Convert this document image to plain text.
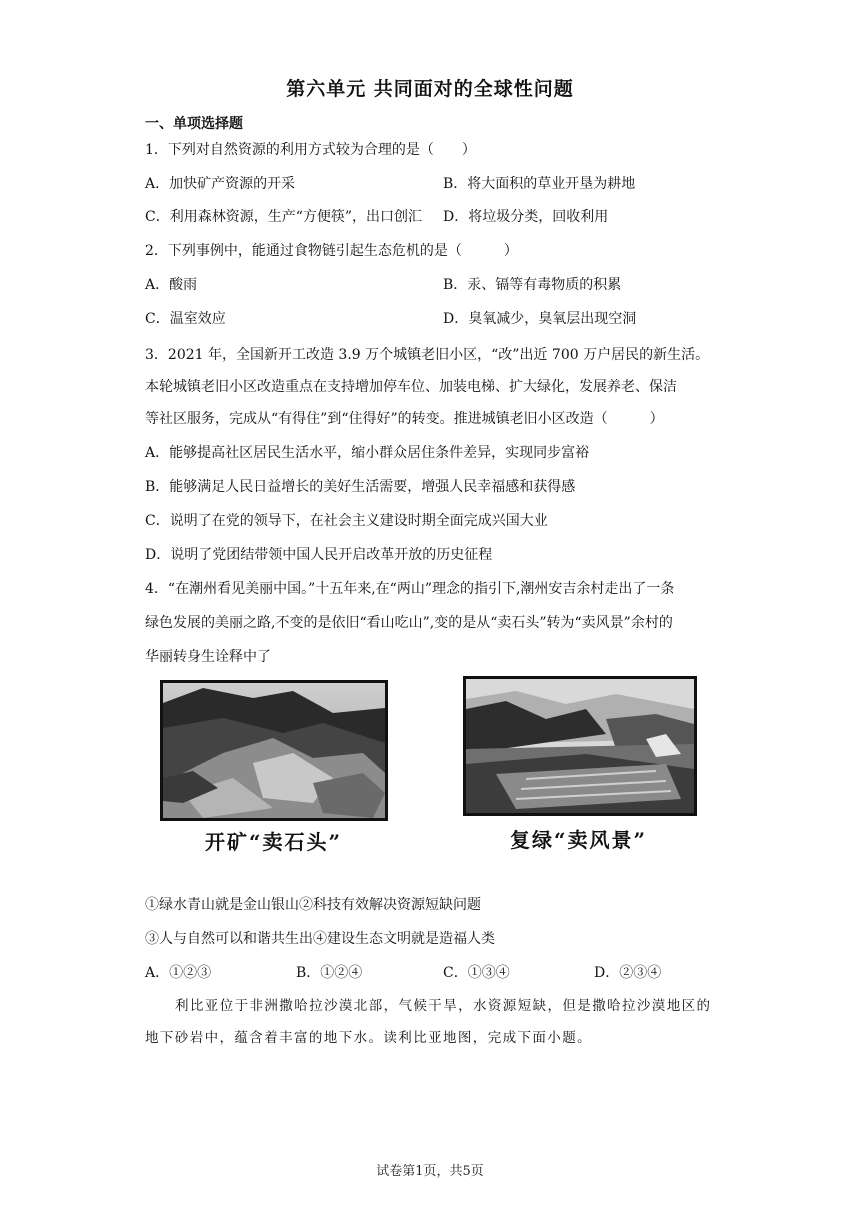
第六单元 共同面对的全球性问题
一、单项选择题
1．下列对自然资源的利用方式较为合理的是（　　）
A．加快矿产资源的开采	B．将大面积的草业开垦为耕地
C．利用森林资源，生产“方便筷”，出口创汇 D．将垃圾分类，回收利用
2．下列事例中，能通过食物链引起生态危机的是（　　　）
A．酸雨	B．汞、镉等有毒物质的积累
C．温室效应	D．臭氧减少，臭氧层出现空洞
3．2021 年，全国新开工改造 3.9 万个城镇老旧小区，“改”出近 700 万户居民的新生活。
本轮城镇老旧小区改造重点在支持增加停车位、加装电梯、扩大绿化，发展养老、保洁
等社区服务，完成从“有得住”到“住得好”的转变。推进城镇老旧小区改造（　　　）
A．能够提高社区居民生活水平，缩小群众居住条件差异，实现同步富裕
B．能够满足人民日益增长的美好生活需要，增强人民幸福感和获得感
C．说明了在党的领导下，在社会主义建设时期全面完成兴国大业
D．说明了党团结带领中国人民开启改革开放的历史征程
4．“在潮州看见美丽中国。”十五年来,在“两山”理念的指引下,潮州安吉余村走出了一条
绿色发展的美丽之路,不变的是依旧“看山吃山”,变的是从“卖石头”转为“卖风景”余村的
华丽转身生诠释中了
开矿“卖石头”	复绿“卖风景”
①绿水青山就是金山银山②科技有效解决资源短缺问题
③人与自然可以和谐共生出④建设生态文明就是造福人类
A．①②③	B．①②④	C．①③④	D．②③④
利比亚位于非洲撒哈拉沙漠北部，气候干旱，水资源短缺，但是撒哈拉沙漠地区的
地下砂岩中，蕴含着丰富的地下水。读利比亚地图，完成下面小题。
试卷第1页，共5页
